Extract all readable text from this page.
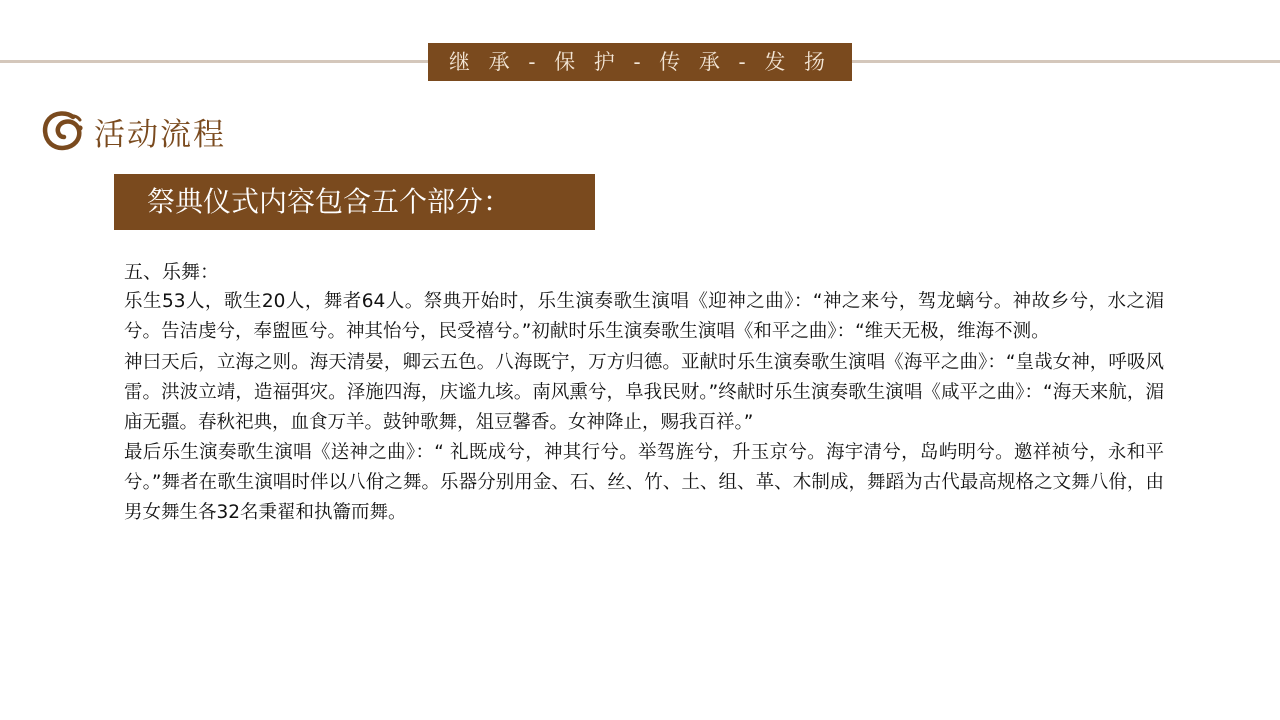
继 承 - 保 护 - 传 承 - 发 扬
活动流程
祭典仪式内容包含五个部分：

五、乐舞：

乐生53人，歌生20人，舞者64人。祭典开始时，乐生演奏歌生演唱《迎神之曲》：“神之来兮，驾龙螭兮。神故乡兮，水之湄兮。告洁虔兮，奉盥匜兮。神其怡兮，民受禧兮。”初献时乐生演奏歌生演唱《和平之曲》：“维天无极，维海不测。

神曰天后，立海之则。海天清晏，卿云五色。八海既宁，万方归德。亚献时乐生演奏歌生演唱《海平之曲》：“皇哉女神，呼吸风雷。洪波立靖，造福弭灾。泽施四海，庆谧九垓。南风熏兮，阜我民财。”终献时乐生演奏歌生演唱《咸平之曲》：“海天来航，湄庙无疆。春秋祀典，血食万羊。鼓钟歌舞，俎豆馨香。女神降止，赐我百祥。”

最后乐生演奏歌生演唱《送神之曲》：“ 礼既成兮，神其行兮。举驾旌兮，升玉京兮。海宇清兮，岛屿明兮。邀祥祯兮，永和平兮。”舞者在歌生演唱时伴以八佾之舞。乐器分别用金、石、丝、竹、土、组、革、木制成，舞蹈为古代最高规格之文舞八佾，由男女舞生各32名秉翟和执籥而舞。
